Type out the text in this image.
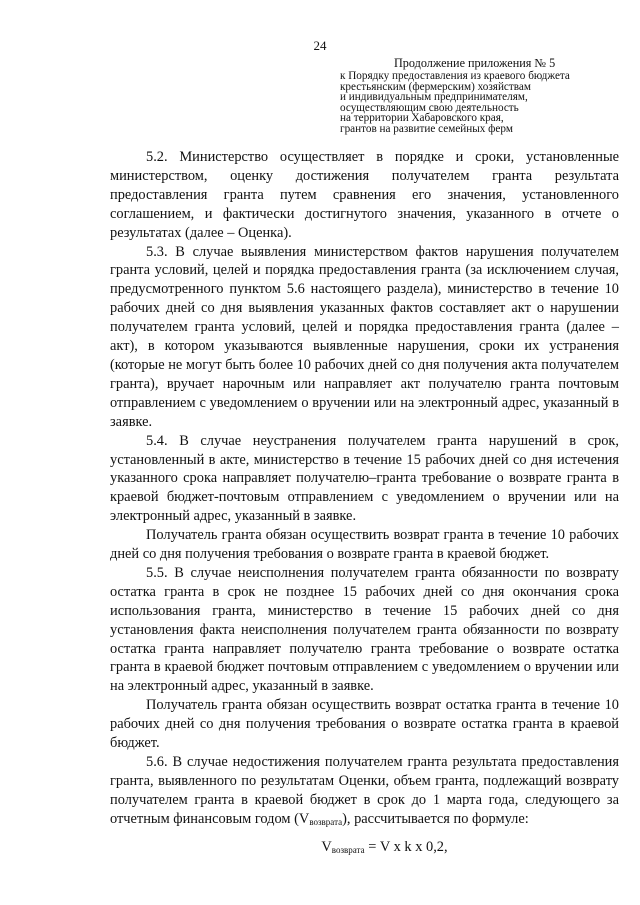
24
Продолжение приложения № 5
к Порядку предоставления из краевого бюджета
крестьянским (фермерским) хозяйствам
и индивидуальным предпринимателям,
осуществляющим свою деятельность
на территории Хабаровского края,
грантов на развитие семейных ферм

5.2. Министерство осуществляет в порядке и сроки, установленные министерством, оценку достижения получателем гранта результата предоставления гранта путем сравнения его значения, установленного соглашением, и фактически достигнутого значения, указанного в отчете о результатах (далее – Оценка).

5.3. В случае выявления министерством фактов нарушения получателем гранта условий, целей и порядка предоставления гранта (за исключением случая, предусмотренного пунктом 5.6 настоящего раздела), министерство в течение 10 рабочих дней со дня выявления указанных фактов составляет акт о нарушении получателем гранта условий, целей и порядка предоставления гранта (далее – акт), в котором указываются выявленные нарушения, сроки их устранения (которые не могут быть более 10 рабочих дней со дня получения акта получателем гранта), вручает нарочным или направляет акт получателю гранта почтовым отправлением с уведомлением о вручении или на электронный адрес, указанный в заявке.

5.4. В случае неустранения получателем гранта нарушений в срок, установленный в акте, министерство в течение 15 рабочих дней со дня истечения указанного срока направляет получателю–гранта требование о возврате гранта в краевой бюджет-почтовым отправлением с уведомлением о вручении или на электронный адрес, указанный в заявке.

Получатель гранта обязан осуществить возврат гранта в течение 10 рабочих дней со дня получения требования о возврате гранта в краевой бюджет.

5.5. В случае неисполнения получателем гранта обязанности по возврату остатка гранта в срок не позднее 15 рабочих дней со дня окончания срока использования гранта, министерство в течение 15 рабочих дней со дня установления факта неисполнения получателем гранта обязанности по возврату остатка гранта направляет получателю гранта требование о возврате остатка гранта в краевой бюджет почтовым отправлением с уведомлением о вручении или на электронный адрес, указанный в заявке.

Получатель гранта обязан осуществить возврат остатка гранта в течение 10 рабочих дней со дня получения требования о возврате остатка гранта в краевой бюджет.

5.6. В случае недостижения получателем гранта результата предоставления гранта, выявленного по результатам Оценки, объем гранта, подлежащий возврату получателем гранта в краевой бюджет в срок до 1 марта года, следующего за отчетным финансовым годом (Vвозврата), рассчитывается по формуле:

$V_{возврата} = V$ x k x 0,2,
